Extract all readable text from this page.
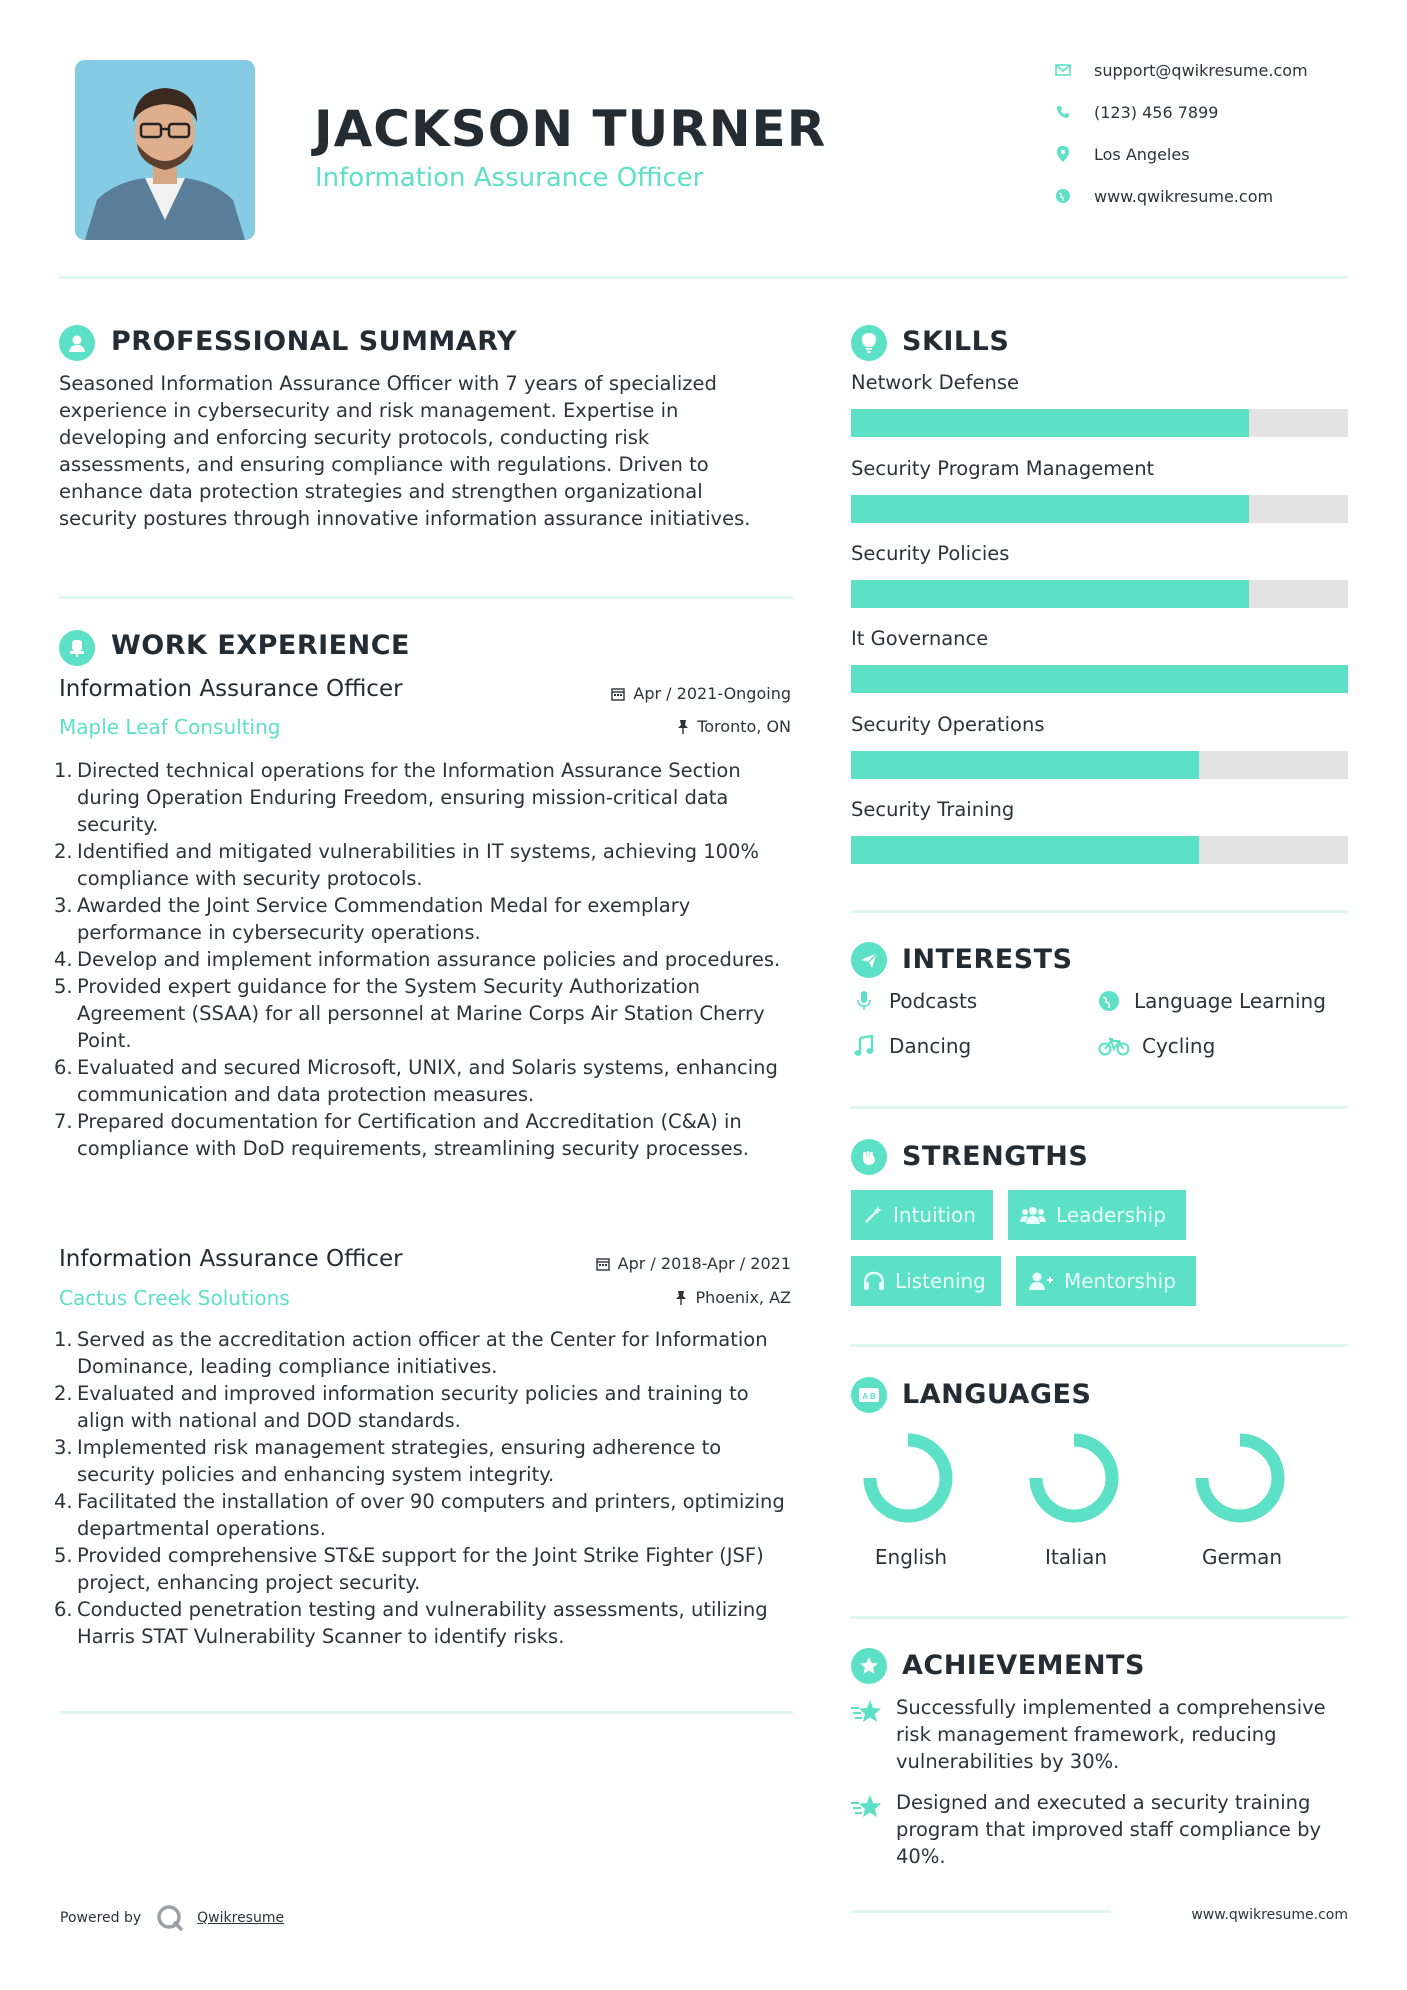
JACKSON TURNER
Information Assurance Officer
support@qwikresume.com
(123) 456 7899
Los Angeles
www.qwikresume.com
PROFESSIONAL SUMMARY
Seasoned Information Assurance Officer with 7 years of specialized experience in cybersecurity and risk management. Expertise in developing and enforcing security protocols, conducting risk assessments, and ensuring compliance with regulations. Driven to enhance data protection strategies and strengthen organizational security postures through innovative information assurance initiatives.
WORK EXPERIENCE
Information Assurance Officer	Apr / 2021-Ongoing
Maple Leaf Consulting	Toronto, ON
1. Directed technical operations for the Information Assurance Section during Operation Enduring Freedom, ensuring mission-critical data security.
2. Identified and mitigated vulnerabilities in IT systems, achieving 100% compliance with security protocols.
3. Awarded the Joint Service Commendation Medal for exemplary performance in cybersecurity operations.
4. Develop and implement information assurance policies and procedures.
5. Provided expert guidance for the System Security Authorization Agreement (SSAA) for all personnel at Marine Corps Air Station Cherry Point.
6. Evaluated and secured Microsoft, UNIX, and Solaris systems, enhancing communication and data protection measures.
7. Prepared documentation for Certification and Accreditation (C&A) in compliance with DoD requirements, streamlining security processes.
Information Assurance Officer	Apr / 2018-Apr / 2021
Cactus Creek Solutions	Phoenix, AZ
1. Served as the accreditation action officer at the Center for Information Dominance, leading compliance initiatives.
2. Evaluated and improved information security policies and training to align with national and DOD standards.
3. Implemented risk management strategies, ensuring adherence to security policies and enhancing system integrity.
4. Facilitated the installation of over 90 computers and printers, optimizing departmental operations.
5. Provided comprehensive ST&E support for the Joint Strike Fighter (JSF) project, enhancing project security.
6. Conducted penetration testing and vulnerability assessments, utilizing Harris STAT Vulnerability Scanner to identify risks.
SKILLS
Network Defense
Security Program Management
Security Policies
It Governance
Security Operations
Security Training
INTERESTS
Podcasts	Language Learning
Dancing	Cycling
STRENGTHS
Intuition	Leadership
Listening	Mentorship
A B LANGUAGES
English	Italian	German
ACHIEVEMENTS
Successfully implemented a comprehensive risk management framework, reducing vulnerabilities by 30%.
Designed and executed a security training program that improved staff compliance by 40%.
Powered by	Qwikresume	www.qwikresume.com
